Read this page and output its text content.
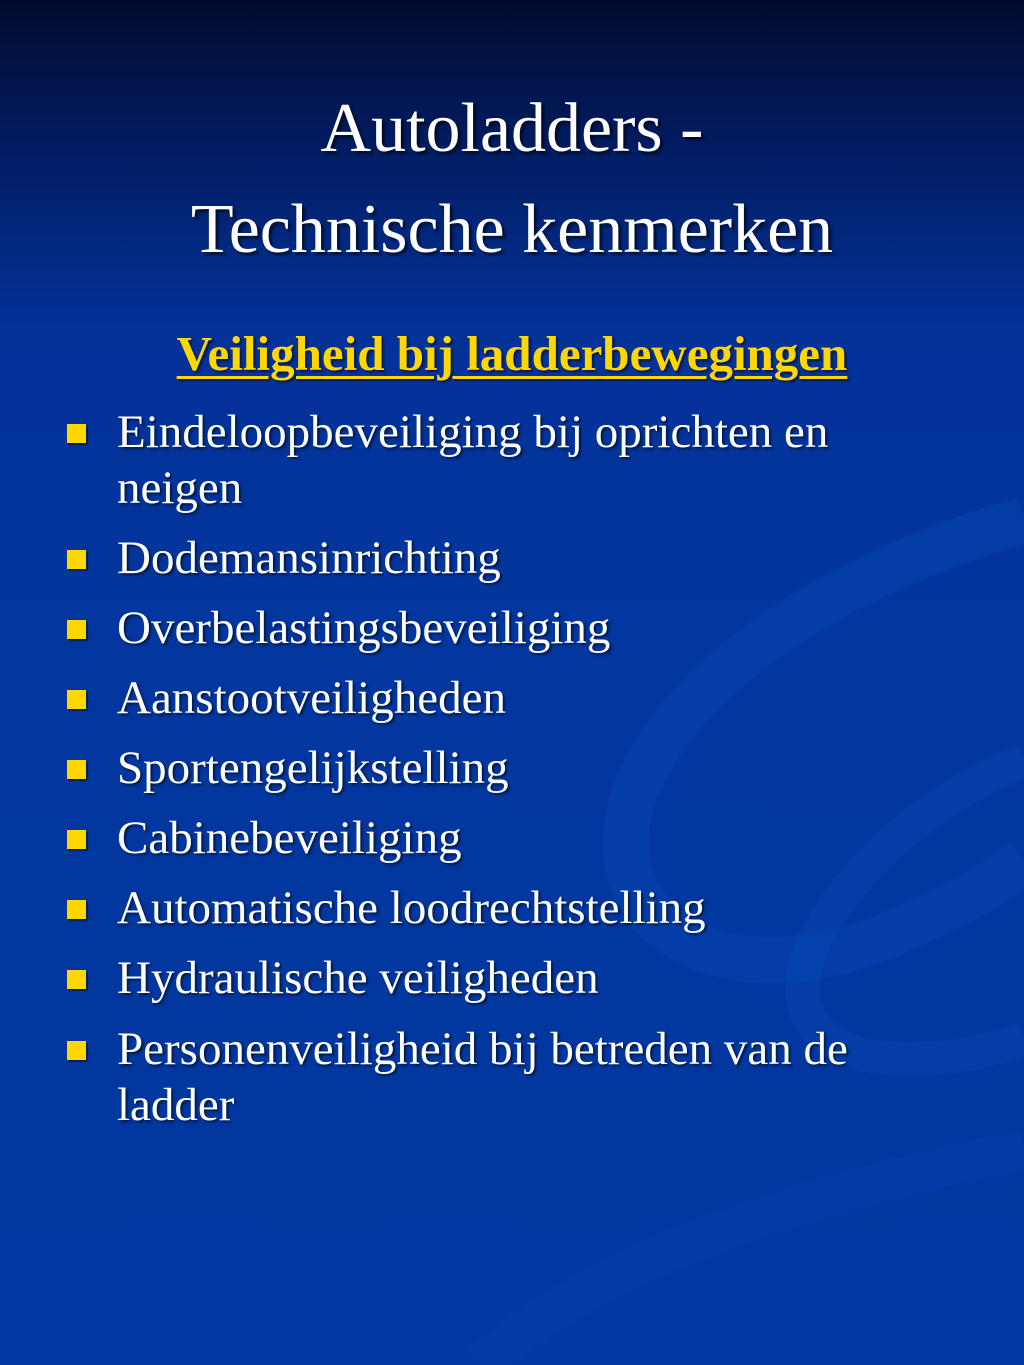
Autoladders -
Technische kenmerken
Veiligheid bij ladderbewegingen
Eindeloopbeveiliging bij oprichten en neigen
Dodemansinrichting
Overbelastingsbeveiliging
Aanstootveiligheden
Sportengelijkstelling
Cabinebeveiliging
Automatische loodrechtstelling
Hydraulische veiligheden
Personenveiligheid bij betreden van de ladder
